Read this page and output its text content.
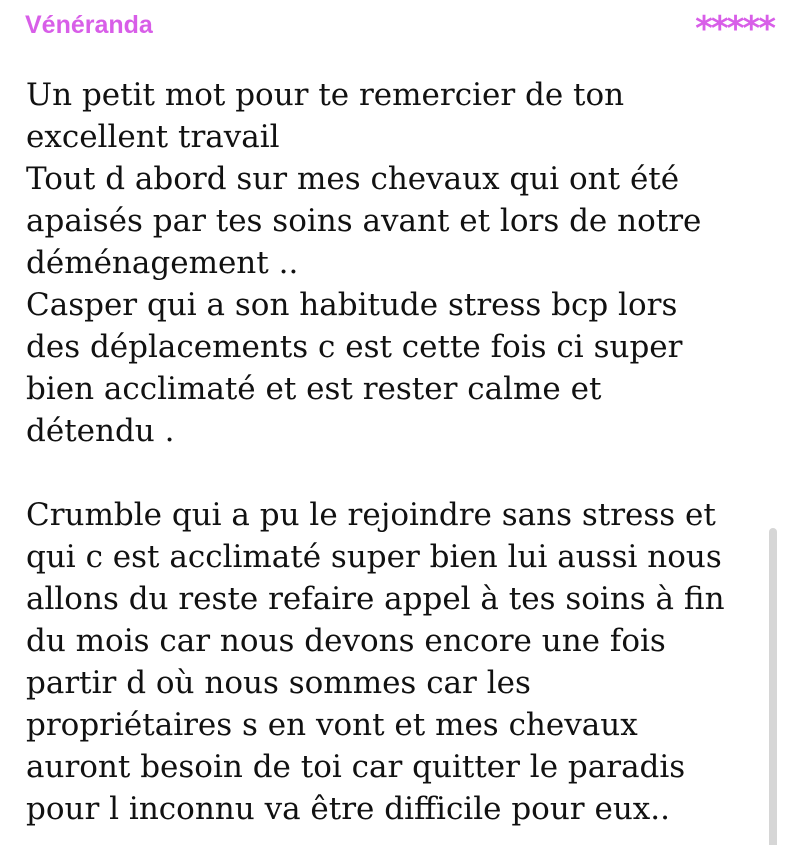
Vénéranda	*****

Un petit mot pour te remercier de ton
excellent travail
Tout d abord sur mes chevaux qui ont été
apaisés par tes soins avant et lors de notre
déménagement ..
Casper qui a son habitude stress bcp lors
des déplacements c est cette fois ci super
bien acclimaté et est rester calme et
détendu .

Crumble qui a pu le rejoindre sans stress et
qui c est acclimaté super bien lui aussi nous
allons du reste refaire appel à tes soins à fin
du mois car nous devons encore une fois
partir d où nous sommes car les
propriétaires s en vont et mes chevaux
auront besoin de toi car quitter le paradis
pour l inconnu va être difficile pour eux..
